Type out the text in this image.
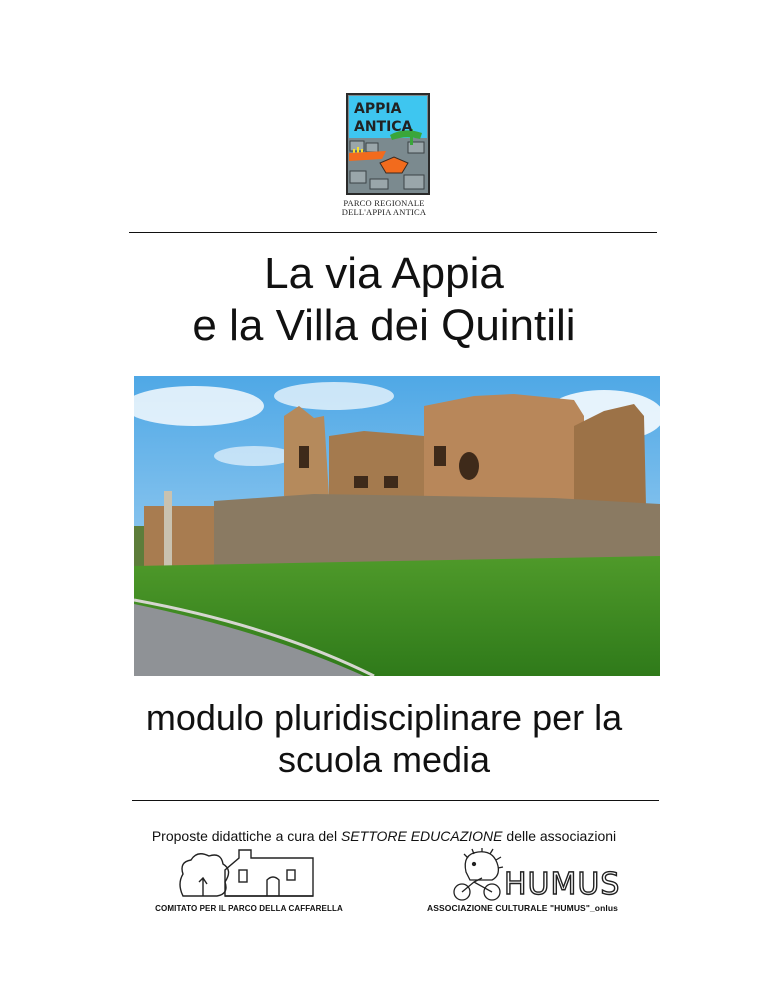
APPIA
ANTICA
PARCO REGIONALE
DELL'APPIA ANTICA
La via Appia
e la Villa dei Quintili
modulo pluridisciplinare per la
scuola media
Proposte didattiche a cura del SETTORE EDUCAZIONE delle associazioni
COMITATO PER IL PARCO DELLA CAFFARELLA
HUMUS
ASSOCIAZIONE CULTURALE "HUMUS"_onlus
